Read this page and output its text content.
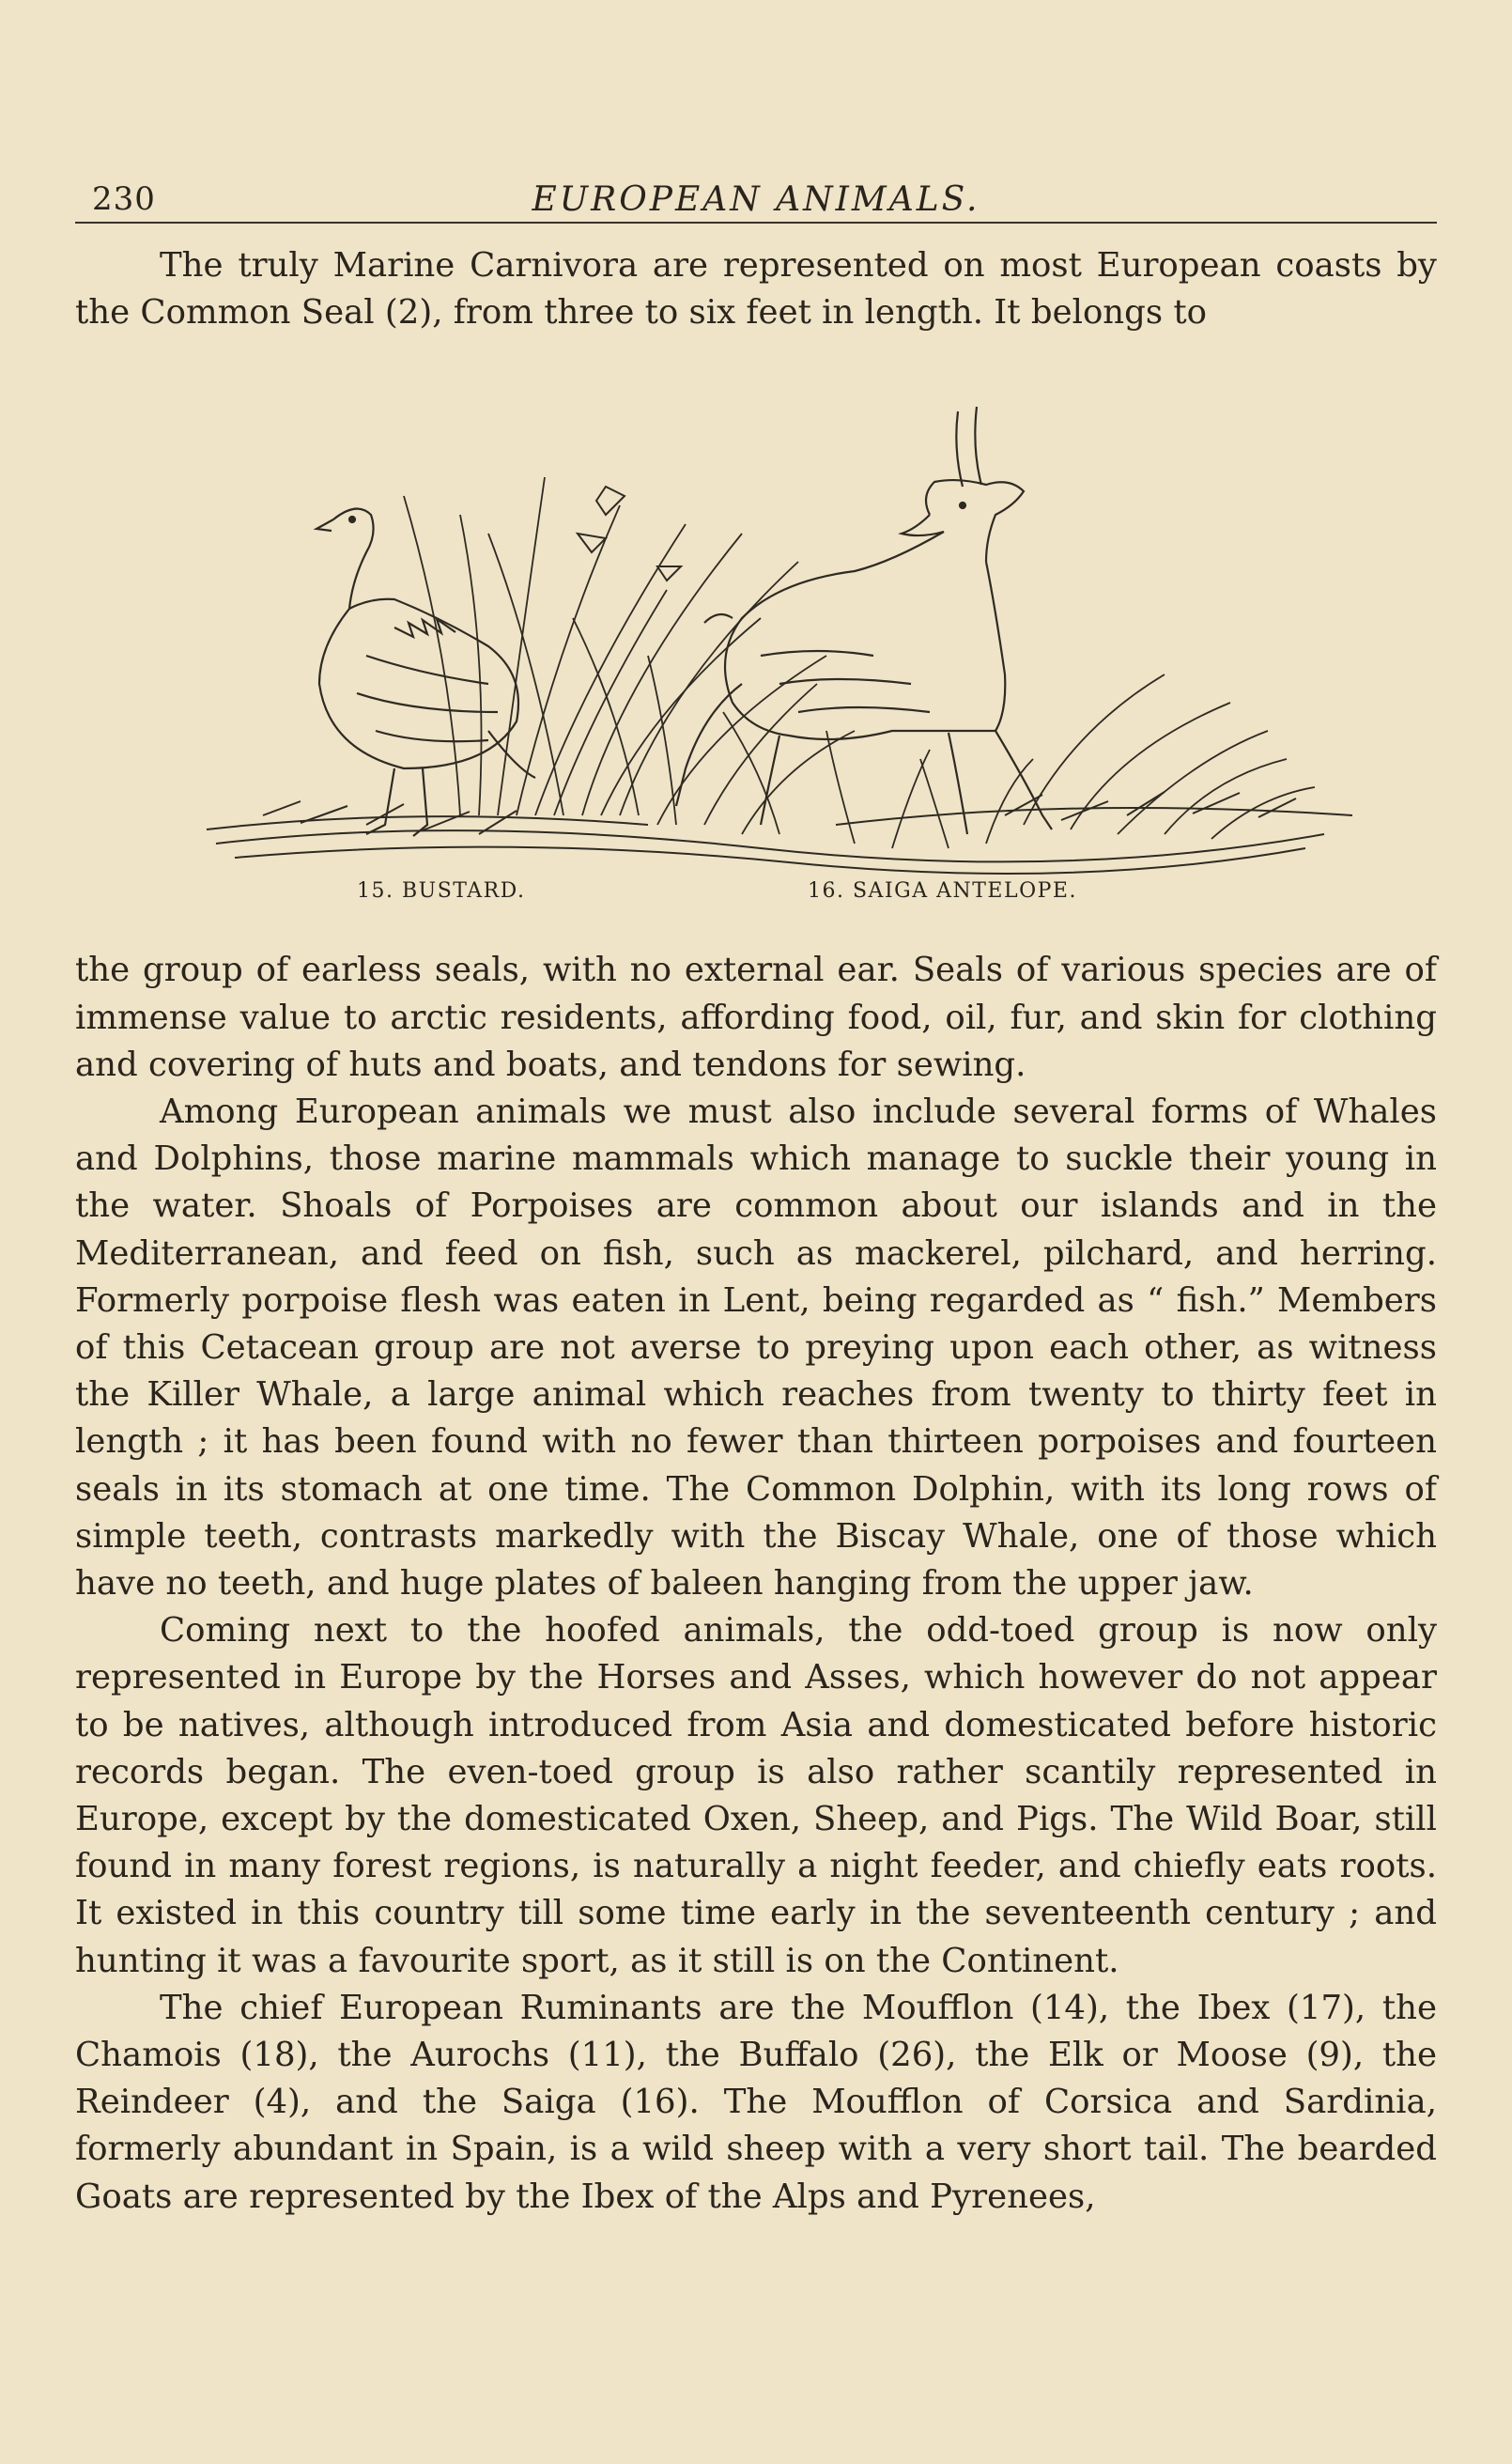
230	EUROPEAN ANIMALS.

The truly Marine Carnivora are represented on most European coasts by the Common Seal (2), from three to six feet in length. It belongs to

15. BUSTARD.	16. SAIGA ANTELOPE.

the group of earless seals, with no external ear. Seals of various species are of immense value to arctic residents, affording food, oil, fur, and skin for clothing and covering of huts and boats, and tendons for sewing.

Among European animals we must also include several forms of Whales and Dolphins, those marine mammals which manage to suckle their young in the water. Shoals of Porpoises are common about our islands and in the Mediterranean, and feed on fish, such as mackerel, pilchard, and herring. Formerly porpoise flesh was eaten in Lent, being regarded as “ fish.” Members of this Cetacean group are not averse to preying upon each other, as witness the Killer Whale, a large animal which reaches from twenty to thirty feet in length ; it has been found with no fewer than thirteen porpoises and fourteen seals in its stomach at one time. The Common Dolphin, with its long rows of simple teeth, contrasts markedly with the Biscay Whale, one of those which have no teeth, and huge plates of baleen hanging from the upper jaw.

Coming next to the hoofed animals, the odd-toed group is now only represented in Europe by the Horses and Asses, which however do not appear to be natives, although introduced from Asia and domesticated before historic records began. The even-toed group is also rather scantily represented in Europe, except by the domesticated Oxen, Sheep, and Pigs. The Wild Boar, still found in many forest regions, is naturally a night feeder, and chiefly eats roots. It existed in this country till some time early in the seventeenth century ; and hunting it was a favourite sport, as it still is on the Continent.

The chief European Ruminants are the Moufflon (14), the Ibex (17), the Chamois (18), the Aurochs (11), the Buffalo (26), the Elk or Moose (9), the Reindeer (4), and the Saiga (16). The Moufflon of Corsica and Sardinia, formerly abundant in Spain, is a wild sheep with a very short tail. The bearded Goats are represented by the Ibex of the Alps and Pyrenees,
